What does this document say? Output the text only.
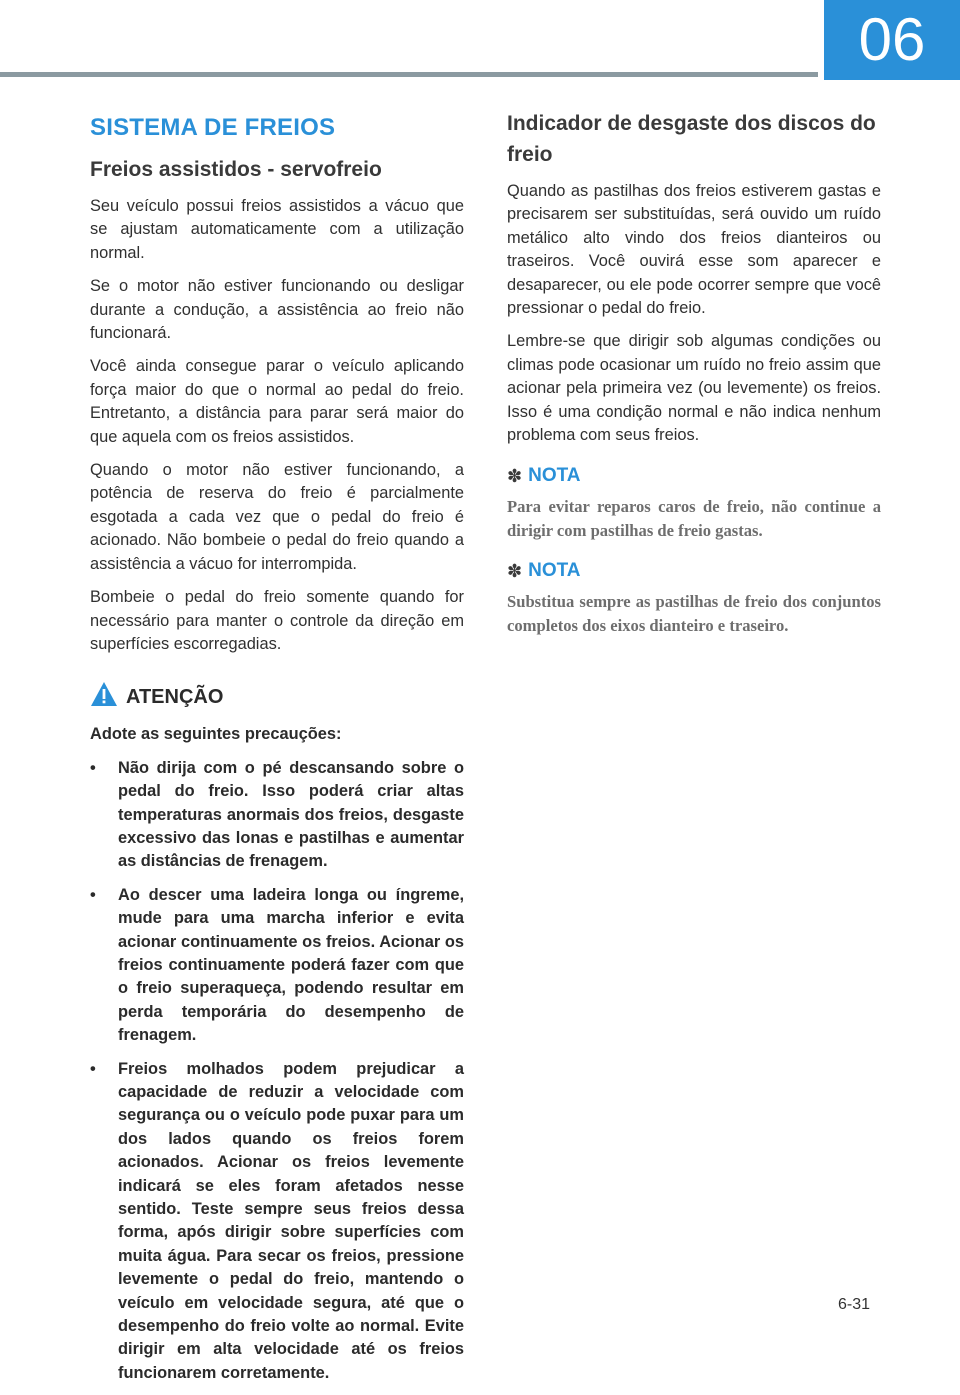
06
SISTEMA DE FREIOS
Freios assistidos - servofreio

Seu veículo possui freios assistidos a vácuo que se ajustam automaticamente com a utilização normal.

Se o motor não estiver funcionando ou desligar durante a condução, a assistência ao freio não funcionará.

Você ainda consegue parar o veículo aplicando força maior do que o normal ao pedal do freio. Entretanto, a distância para parar será maior do que aquela com os freios assistidos.

Quando o motor não estiver funcionando, a potência de reserva do freio é parcialmente esgotada a cada vez que o pedal do freio é acionado. Não bombeie o pedal do freio quando a assistência a vácuo for interrompida.

Bombeie o pedal do freio somente quando for necessário para manter o controle da direção em superfícies escorregadias.

ATENÇÃO
Adote as seguintes precauções:
• Não dirija com o pé descansando sobre o pedal do freio. Isso poderá criar altas temperaturas anormais dos freios, desgaste excessivo das lonas e pastilhas e aumentar as distâncias de frenagem.
• Ao descer uma ladeira longa ou íngreme, mude para uma marcha inferior e evita acionar continuamente os freios. Acionar os freios continuamente poderá fazer com que o freio superaqueça, podendo resultar em perda temporária do desempenho de frenagem.
• Freios molhados podem prejudicar a capacidade de reduzir a velocidade com segurança ou o veículo pode puxar para um dos lados quando os freios forem acionados. Acionar os freios levemente indicará se eles foram afetados nesse sentido. Teste sempre seus freios dessa forma, após dirigir sobre superfícies com muita água. Para secar os freios, pressione levemente o pedal do freio, mantendo o veículo em velocidade segura, até que o desempenho do freio volte ao normal. Evite dirigir em alta velocidade até os freios funcionarem corretamente.
Indicador de desgaste dos discos do freio

Quando as pastilhas dos freios estiverem gastas e precisarem ser substituídas, será ouvido um ruído metálico alto vindo dos freios dianteiros ou traseiros. Você ouvirá esse som aparecer e desaparecer, ou ele pode ocorrer sempre que você pressionar o pedal do freio.

Lembre-se que dirigir sob algumas condições ou climas pode ocasionar um ruído no freio assim que acionar pela primeira vez (ou levemente) os freios. Isso é uma condição normal e não indica nenhum problema com seus freios.

✽ NOTA

Para evitar reparos caros de freio, não continue a dirigir com pastilhas de freio gastas.

✽ NOTA

Substitua sempre as pastilhas de freio dos conjuntos completos dos eixos dianteiro e traseiro.

6-31
